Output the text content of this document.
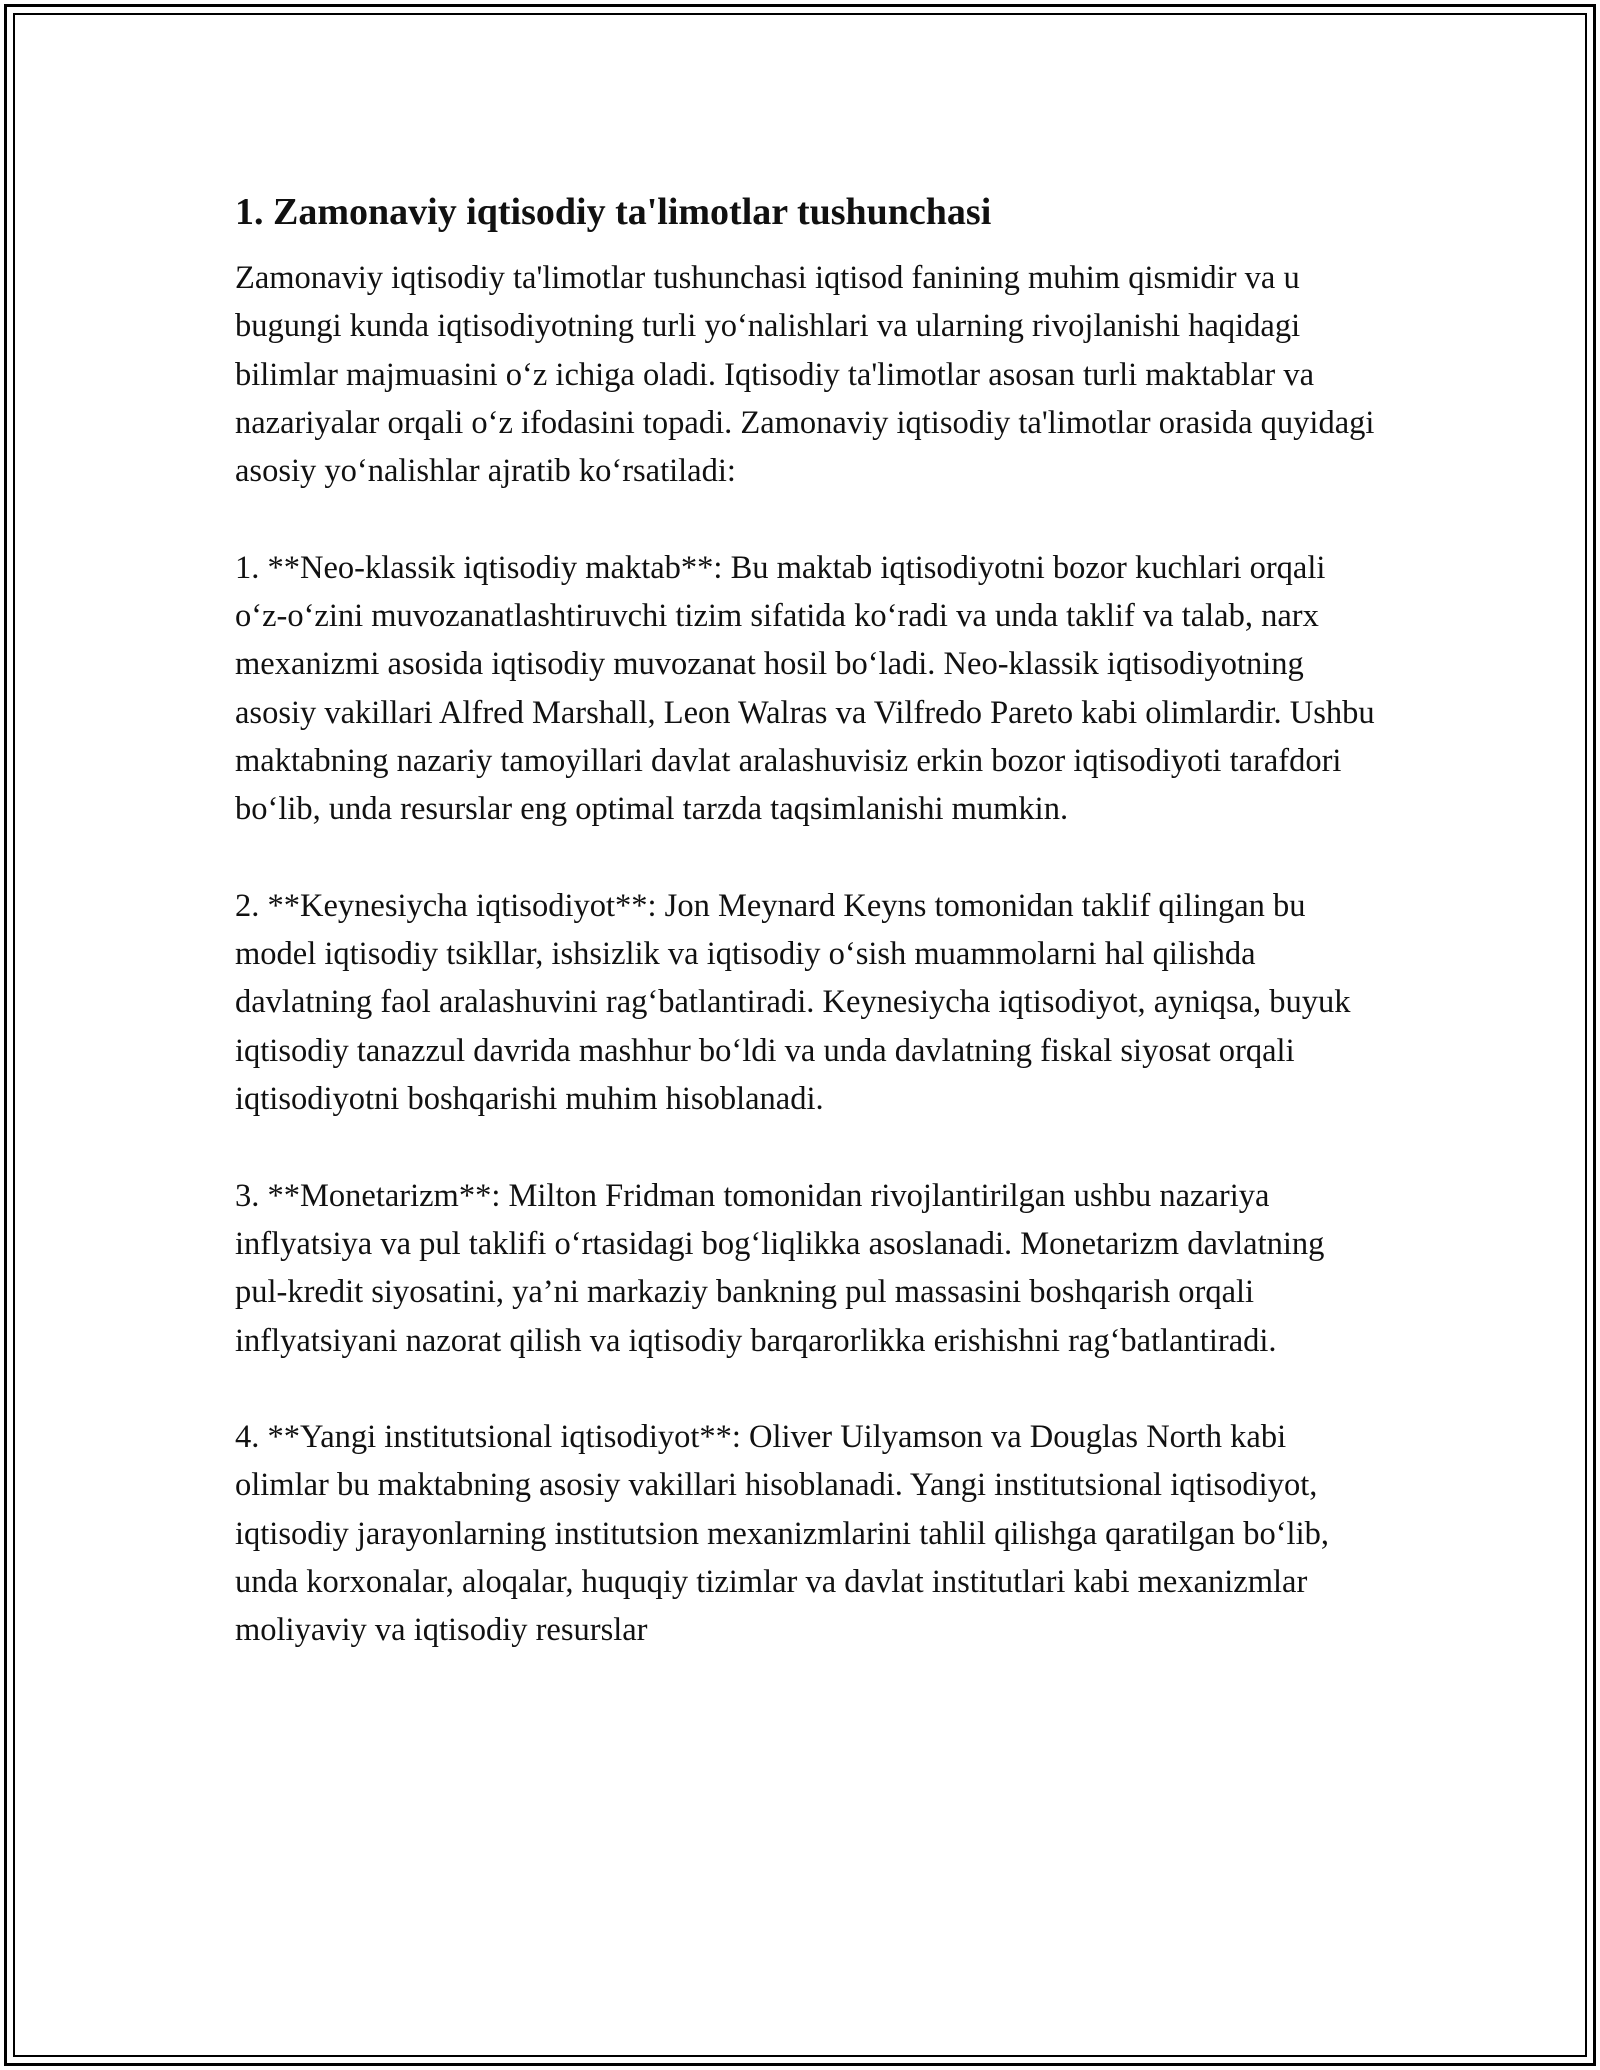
1. Zamonaviy iqtisodiy ta'limotlar tushunchasi

Zamonaviy iqtisodiy ta'limotlar tushunchasi iqtisod fanining muhim qismidir va u bugungi kunda iqtisodiyotning turli yo‘nalishlari va ularning rivojlanishi haqidagi bilimlar majmuasini o‘z ichiga oladi. Iqtisodiy ta'limotlar asosan turli maktablar va nazariyalar orqali o‘z ifodasini topadi. Zamonaviy iqtisodiy ta'limotlar orasida quyidagi asosiy yo‘nalishlar ajratib ko‘rsatiladi:

1. **Neo-klassik iqtisodiy maktab**: Bu maktab iqtisodiyotni bozor kuchlari orqali o‘z-o‘zini muvozanatlashtiruvchi tizim sifatida ko‘radi va unda taklif va talab, narx mexanizmi asosida iqtisodiy muvozanat hosil bo‘ladi. Neo-klassik iqtisodiyotning asosiy vakillari Alfred Marshall, Leon Walras va Vilfredo Pareto kabi olimlardir. Ushbu maktabning nazariy tamoyillari davlat aralashuvisiz erkin bozor iqtisodiyoti tarafdori bo‘lib, unda resurslar eng optimal tarzda taqsimlanishi mumkin.

2. **Keynesiycha iqtisodiyot**: Jon Meynard Keyns tomonidan taklif qilingan bu model iqtisodiy tsikllar, ishsizlik va iqtisodiy o‘sish muammolarni hal qilishda davlatning faol aralashuvini rag‘batlantiradi. Keynesiycha iqtisodiyot, ayniqsa, buyuk iqtisodiy tanazzul davrida mashhur bo‘ldi va unda davlatning fiskal siyosat orqali iqtisodiyotni boshqarishi muhim hisoblanadi.

3. **Monetarizm**: Milton Fridman tomonidan rivojlantirilgan ushbu nazariya inflyatsiya va pul taklifi o‘rtasidagi bog‘liqlikka asoslanadi. Monetarizm davlatning pul-kredit siyosatini, ya’ni markaziy bankning pul massasini boshqarish orqali inflyatsiyani nazorat qilish va iqtisodiy barqarorlikka erishishni rag‘batlantiradi.

4. **Yangi institutsional iqtisodiyot**: Oliver Uilyamson va Douglas North kabi olimlar bu maktabning asosiy vakillari hisoblanadi. Yangi institutsional iqtisodiyot, iqtisodiy jarayonlarning institutsion mexanizmlarini tahlil qilishga qaratilgan bo‘lib, unda korxonalar, aloqalar, huquqiy tizimlar va davlat institutlari kabi mexanizmlar moliyaviy va iqtisodiy resurslar
